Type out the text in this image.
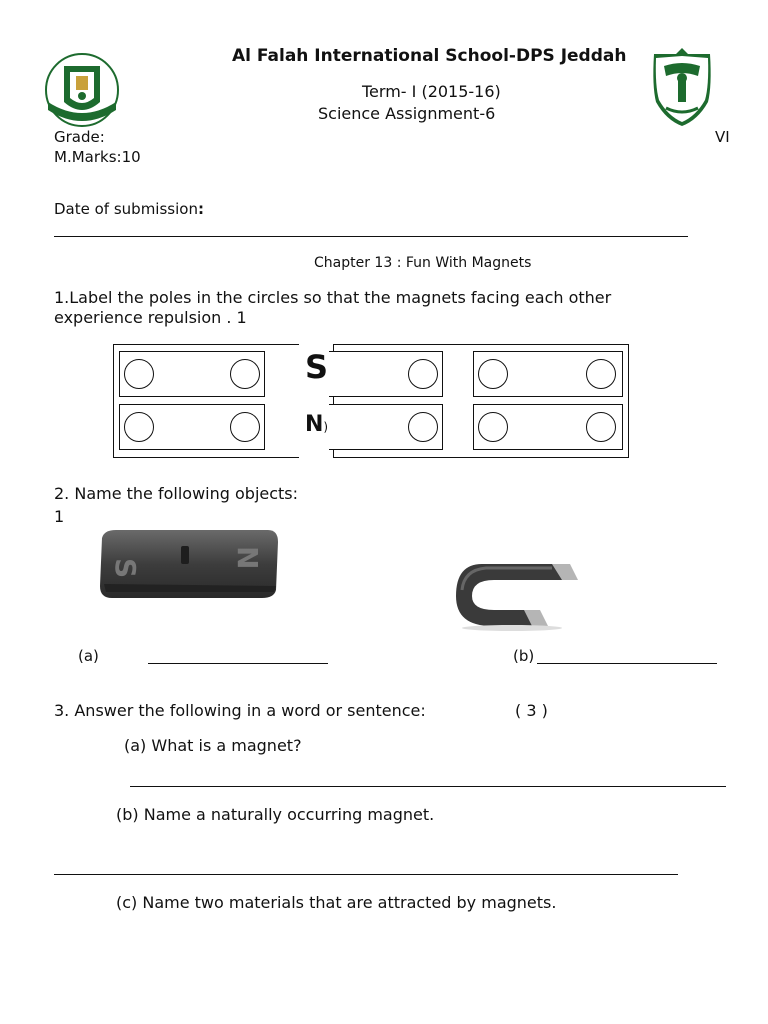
Al Falah International School-DPS Jeddah
Term- I (2015-16)
Science Assignment-6
Grade:	VI
M.Marks:10
Date of submission:
Chapter 13 : Fun With Magnets
1.Label the poles in the circles so that the magnets facing each other
experience repulsion . 1
S
N)
2. Name the following objects:
1
S	N
(a)	(b)
3. Answer the following in a word or sentence:	( 3 )
(a) What is a magnet?
(b) Name a naturally occurring magnet.
(c) Name two materials that are attracted by magnets.
